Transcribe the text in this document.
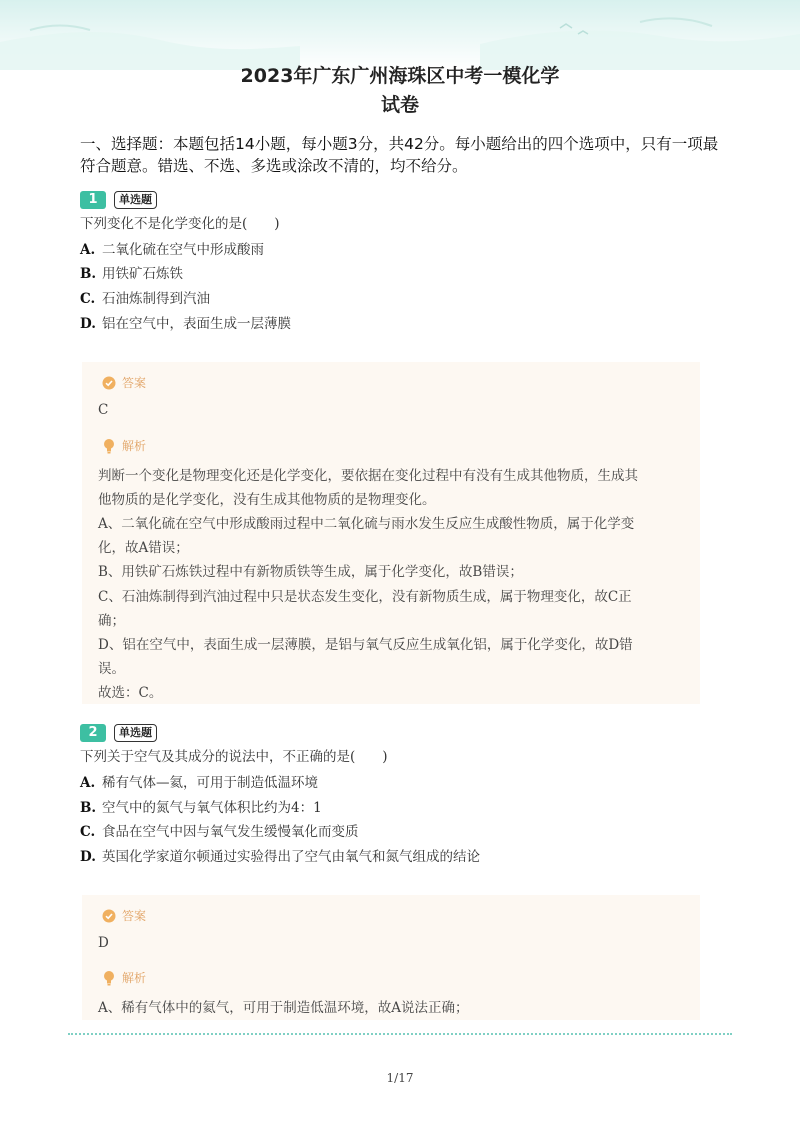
2023年广东广州海珠区中考一模化学
试卷
一、选择题：本题包括14小题，每小题3分，共42分。每小题给出的四个选项中，只有一项最符合题意。错选、不选、多选或涂改不清的，均不给分。
1	单选题
下列变化不是化学变化的是(　　)
A. 二氧化硫在空气中形成酸雨
B. 用铁矿石炼铁
C. 石油炼制得到汽油
D. 铝在空气中，表面生成一层薄膜
答案
C
解析
判断一个变化是物理变化还是化学变化，要依据在变化过程中有没有生成其他物质，生成其
他物质的是化学变化，没有生成其他物质的是物理变化。
A、二氧化硫在空气中形成酸雨过程中二氧化硫与雨水发生反应生成酸性物质，属于化学变
化，故A错误；
B、用铁矿石炼铁过程中有新物质铁等生成，属于化学变化，故B错误；
C、石油炼制得到汽油过程中只是状态发生变化，没有新物质生成，属于物理变化，故C正
确；
D、铝在空气中，表面生成一层薄膜，是铝与氧气反应生成氧化铝，属于化学变化，故D错
误。
故选：C。
2	单选题
下列关于空气及其成分的说法中，不正确的是(　　)
A. 稀有气体—氦，可用于制造低温环境
B. 空气中的氮气与氧气体积比约为4：1
C. 食品在空气中因与氧气发生缓慢氧化而变质
D. 英国化学家道尔顿通过实验得出了空气由氧气和氮气组成的结论
答案
D
解析
A、稀有气体中的氦气，可用于制造低温环境，故A说法正确；
1/17
